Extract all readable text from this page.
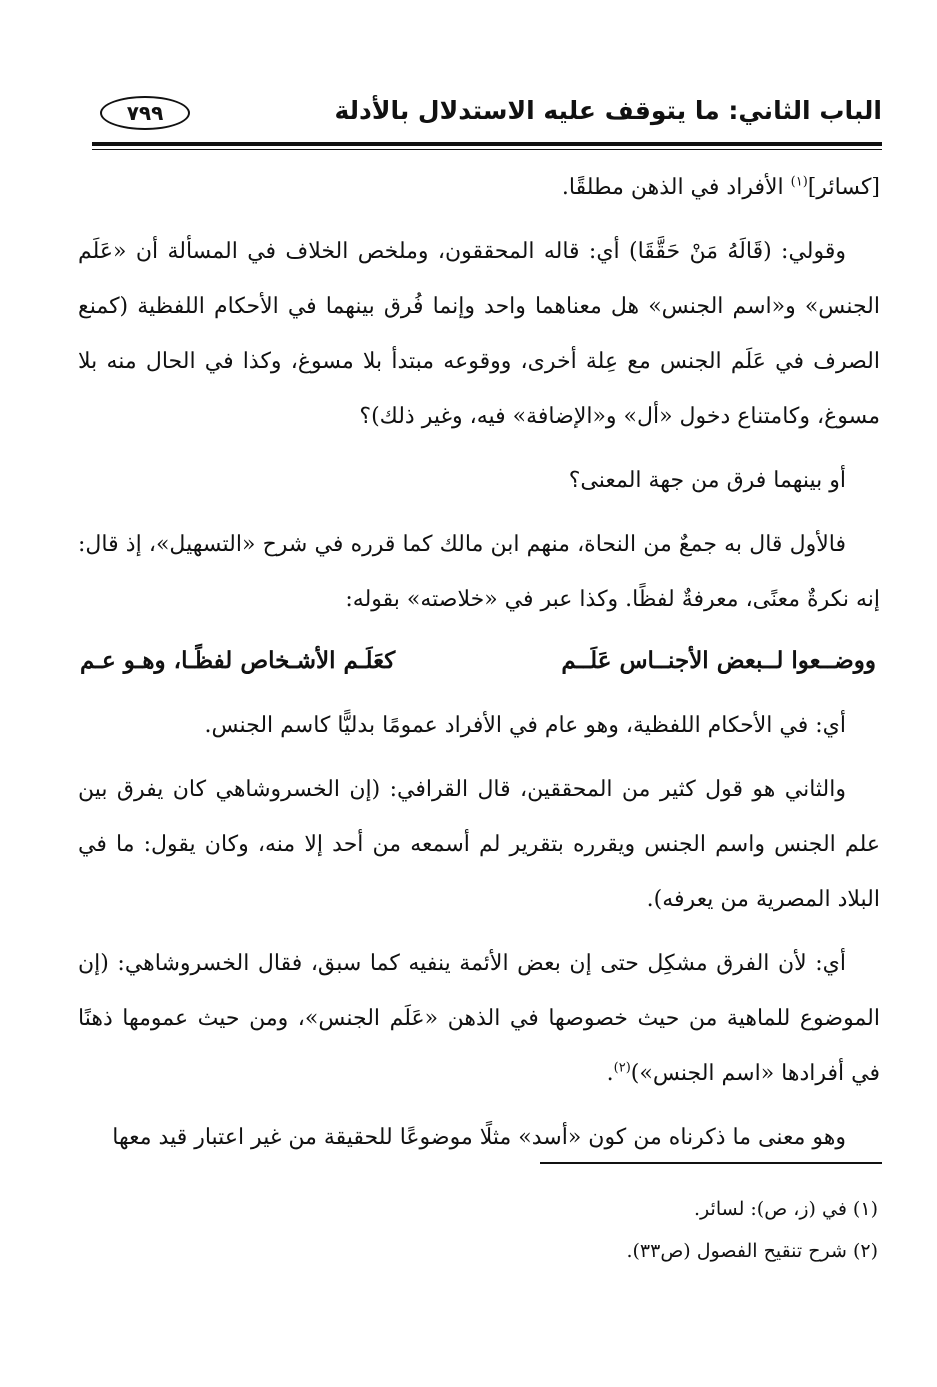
الباب الثاني: ما يتوقف عليه الاستدلال بالأدلة
٧٩٩

[كسائر]$^{(١)}$ الأفراد في الذهن مطلقًا.

وقولي: (قَالَهُ مَنْ حَقَّقَا) أي: قاله المحققون، وملخص الخلاف في المسألة أن «عَلَم الجنس» و«اسم الجنس» هل معناهما واحد وإنما فُرق بينهما في الأحكام اللفظية (كمنع الصرف في عَلَم الجنس مع عِلة أخرى، ووقوعه مبتدأ بلا مسوغ، وكذا في الحال منه بلا مسوغ، وكامتناع دخول «أل» و«الإضافة» فيه، وغير ذلك)؟

أو بينهما فرق من جهة المعنى؟

فالأول قال به جمعٌ من النحاة، منهم ابن مالك كما قرره في شرح «التسهيل»، إذ قال: إنه نكرةٌ معنًى، معرفةٌ لفظًا. وكذا عبر في «خلاصته» بقوله:

ووضــعوا لــبعض الأجنــاس عَلَــم
كعَلَـم الأشـخاص لفظًـا، وهـو عـم

أي: في الأحكام اللفظية، وهو عام في الأفراد عمومًا بدليًّا كاسم الجنس.

والثاني هو قول كثير من المحققين، قال القرافي: (إن الخسروشاهي كان يفرق بين علم الجنس واسم الجنس ويقرره بتقرير لم أسمعه من أحد إلا منه، وكان يقول: ما في البلاد المصرية من يعرفه).

أي: لأن الفرق مشكِل حتى إن بعض الأئمة ينفيه كما سبق، فقال الخسروشاهي: (إن الموضوع للماهية من حيث خصوصها في الذهن «عَلَم الجنس»، ومن حيث عمومها ذهنًا في أفرادها «اسم الجنس»)$^{(٢)}$.

وهو معنى ما ذكرناه من كون «أسد» مثلًا موضوعًا للحقيقة من غير اعتبار قيد معها

(١) في (ز، ص): لسائر.
(٢) شرح تنقيح الفصول (ص٣٣).
